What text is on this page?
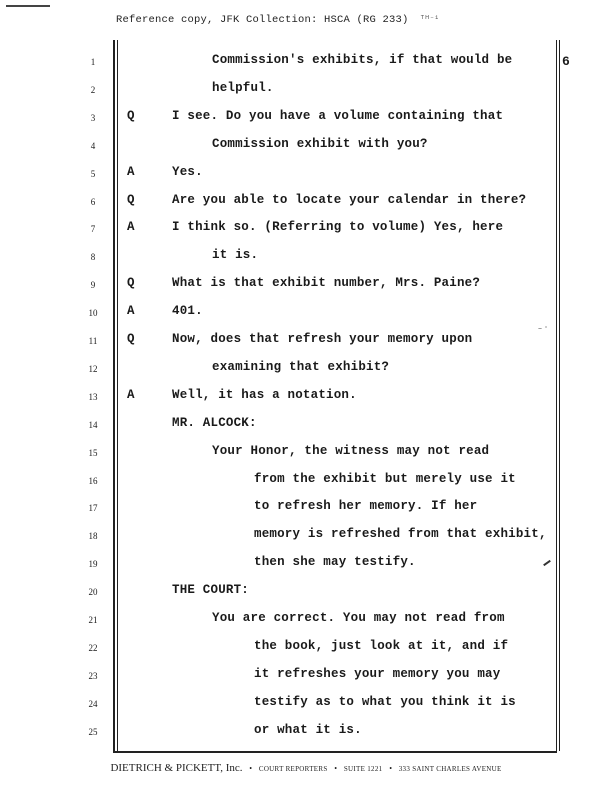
Reference copy, JFK Collection: HSCA (RG 233) ᵀᴴ⁻¹
6
1	Commission's exhibits, if that would be
2	helpful.
3	Q	I see. Do you have a volume containing that
4	Commission exhibit with you?
5	A	Yes.
6	Q	Are you able to locate your calendar in there?
7	A	I think so. (Referring to volume) Yes, here
8	it is.
9	Q	What is that exhibit number, Mrs. Paine?
10	A	401.
11	Q	Now, does that refresh your memory upon
12	examining that exhibit?
13	A	Well, it has a notation.
14	MR. ALCOCK:
15	Your Honor, the witness may not read
16	from the exhibit but merely use it
17	to refresh her memory. If her
18	memory is refreshed from that exhibit,
19	then she may testify.
20	THE COURT:
21	You are correct. You may not read from
22	the book, just look at it, and if
23	it refreshes your memory you may
24	testify as to what you think it is
25	or what it is.
⁻˙
DIETRICH & PICKETT, Inc. • COURT REPORTERS • SUITE 1221 • 333 SAINT CHARLES AVENUE
